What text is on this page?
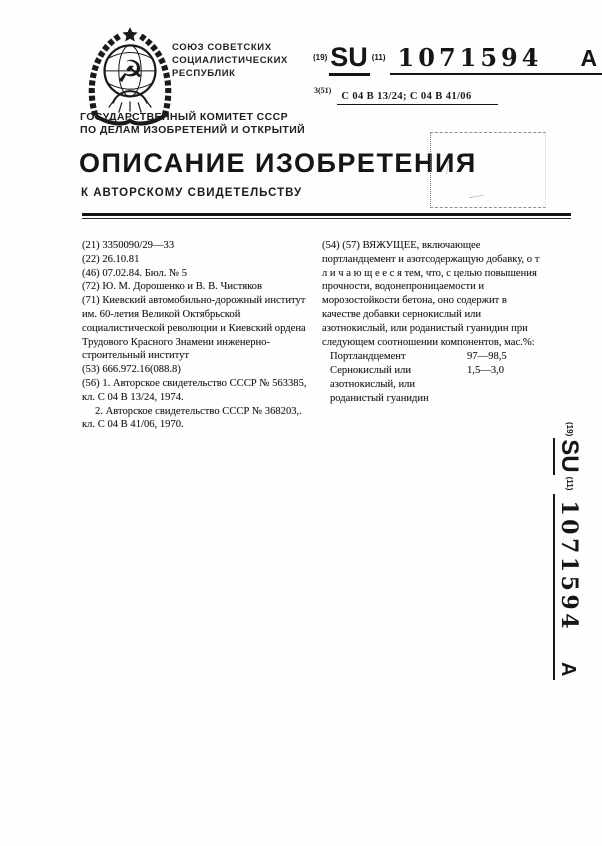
☭
СОЮЗ СОВЕТСКИХ
СОЦИАЛИСТИЧЕСКИХ
РЕСПУБЛИК
(19) SU (11) 1071594 A
3(51)
С 04 В 13/24; С 04 В 41/06
ГОСУДАРСТВЕННЫЙ КОМИТЕТ СССР
ПО ДЕЛАМ ИЗОБРЕТЕНИЙ И ОТКРЫТИЙ
ОПИСАНИЕ ИЗОБРЕТЕНИЯ
К АВТОРСКОМУ СВИДЕТЕЛЬСТВУ
(21) 3350090/29—33
(22) 26.10.81
(46) 07.02.84. Бюл. № 5
(72) Ю. М. Дорошенко и В. В. Чистяков
(71) Киевский автомобильно-дорожный институт им. 60-летия Великой Октябрьской социалистической революции и Киевский ордена Трудового Красного Знамени инженерно-строительный институт
(53) 666.972.16(088.8)
(56) 1. Авторское свидетельство СССР № 563385, кл. С 04 В 13/24, 1974.
2. Авторское свидетельство СССР № 368203,. кл. С 04 В 41/06, 1970.

(54) (57) ВЯЖУЩЕЕ, включающее портландцемент и азотсодержащую добавку, о т л и ч а ю щ е е с я тем, что, с целью повышения прочности, водонепроницаемости и морозостойкости бетона, оно содержит в качестве добавки сернокислый или азотнокислый, или роданистый гуанидин при следующем соотношении компонентов, мас.%:

Портландцемент	97—98,5
Сернокислый или азотнокислый, или роданистый гуанидин
1,5—3,0
(19)
SU
(11)
1071594
A
